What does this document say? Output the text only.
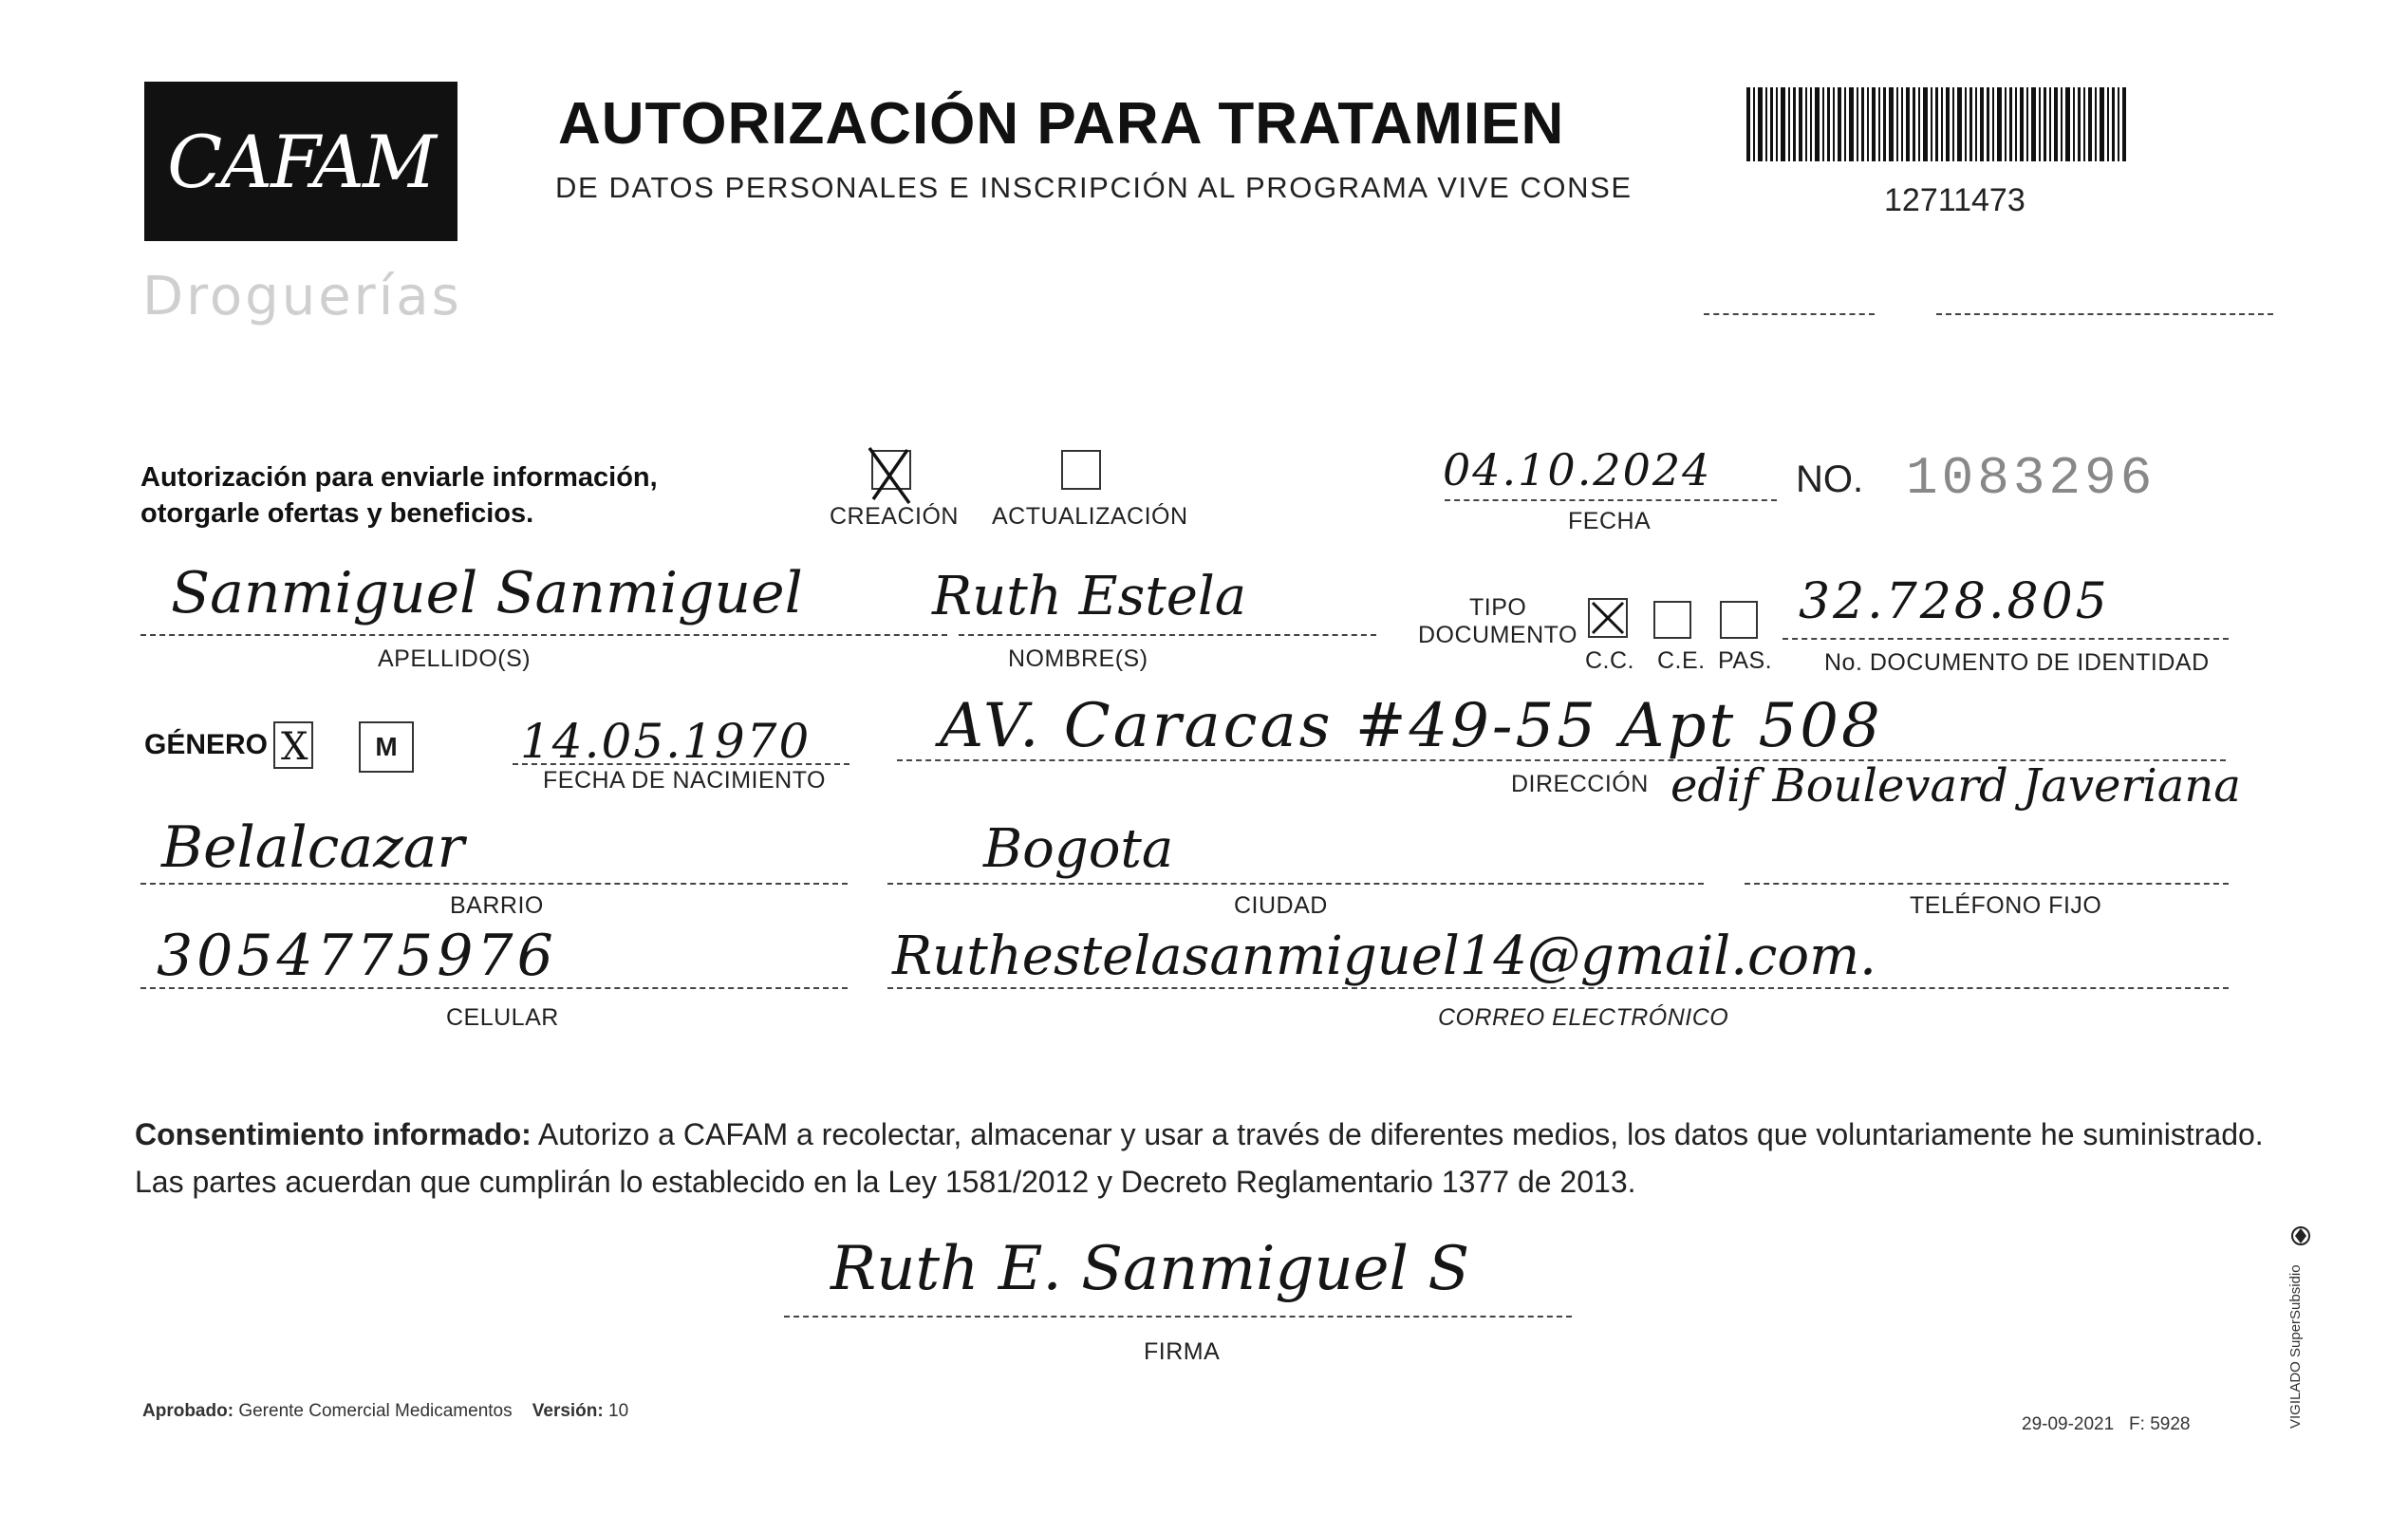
CAFAM
Droguerías
AUTORIZACIÓN PARA TRATAMIEN
DE DATOS PERSONALES E INSCRIPCIÓN AL PROGRAMA VIVE CONSE	12711473
Autorización para enviarle información,
otorgarle ofertas y beneficios.	CREACIÓN ACTUALIZACIÓN
04.10.2024
FECHA
NO. 1083296
Sanmiguel Sanmiguel
APELLIDO(S)
Ruth Estela
NOMBRE(S)
TIPO
DOCUMENTO
C.C. C.E. PAS.
32.728.805
No. DOCUMENTO DE IDENTIDAD
GÉNERO X	M	14.05.1970
FECHA DE NACIMIENTO
AV. Caracas #49-55 Apt 508
DIRECCIÓN edif Boulevard Javeriana
Belalcazar
BARRIO
Bogota
CIUDAD	TELÉFONO FIJO
3054775976
CELULAR
Ruthestelasanmiguel14@gmail.com.
CORREO ELECTRÓNICO
Consentimiento informado: Autorizo a CAFAM a recolectar, almacenar y usar a través de diferentes medios, los datos que voluntariamente he suministrado.
Las partes acuerdan que cumplirán lo establecido en la Ley 1581/2012 y Decreto Reglamentario 1377 de 2013.
Ruth E. Sanmiguel S
FIRMA
Aprobado: Gerente Comercial Medicamentos Versión: 10
29-09-2021 F: 5928	VIGILADO SuperSubsidio
